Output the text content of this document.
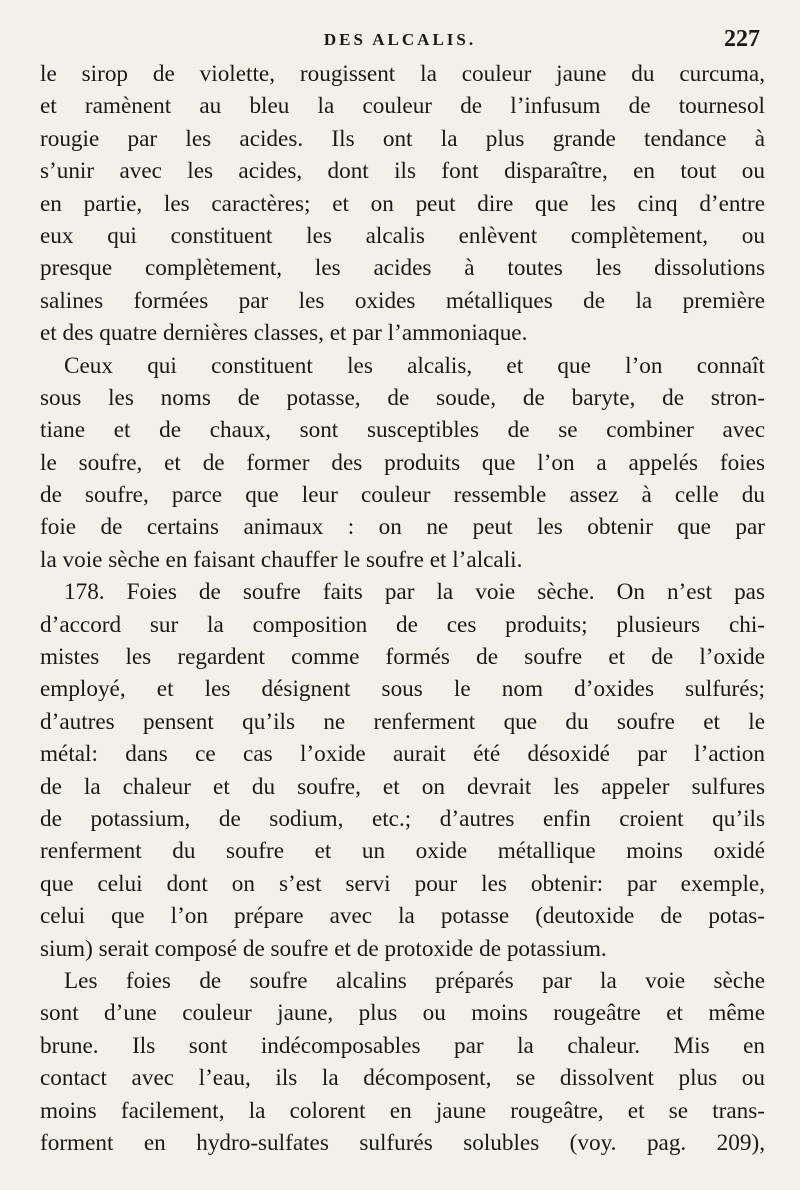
DES ALCALIS.	227
le sirop de violette, rougissent la couleur jaune du curcuma,
et ramènent au bleu la couleur de l’infusum de tournesol
rougie par les acides. Ils ont la plus grande tendance à
s’unir avec les acides, dont ils font disparaître, en tout ou
en partie, les caractères; et on peut dire que les cinq d’entre
eux qui constituent les alcalis enlèvent complètement, ou
presque complètement, les acides à toutes les dissolutions
salines formées par les oxides métalliques de la première
et des quatre dernières classes, et par l’ammoniaque.
Ceux qui constituent les alcalis, et que l’on connaît
sous les noms de potasse, de soude, de baryte, de stron-
tiane et de chaux, sont susceptibles de se combiner avec
le soufre, et de former des produits que l’on a appelés foies
de soufre, parce que leur couleur ressemble assez à celle du
foie de certains animaux : on ne peut les obtenir que par
la voie sèche en faisant chauffer le soufre et l’alcali.
178. Foies de soufre faits par la voie sèche. On n’est pas
d’accord sur la composition de ces produits; plusieurs chi-
mistes les regardent comme formés de soufre et de l’oxide
employé, et les désignent sous le nom d’oxides sulfurés;
d’autres pensent qu’ils ne renferment que du soufre et le
métal: dans ce cas l’oxide aurait été désoxidé par l’action
de la chaleur et du soufre, et on devrait les appeler sulfures
de potassium, de sodium, etc.; d’autres enfin croient qu’ils
renferment du soufre et un oxide métallique moins oxidé
que celui dont on s’est servi pour les obtenir: par exemple,
celui que l’on prépare avec la potasse (deutoxide de potas-
sium) serait composé de soufre et de protoxide de potassium.
Les foies de soufre alcalins préparés par la voie sèche
sont d’une couleur jaune, plus ou moins rougeâtre et même
brune. Ils sont indécomposables par la chaleur. Mis en
contact avec l’eau, ils la décomposent, se dissolvent plus ou
moins facilement, la colorent en jaune rougeâtre, et se trans-
forment en hydro-sulfates sulfurés solubles (voy. pag. 209),
